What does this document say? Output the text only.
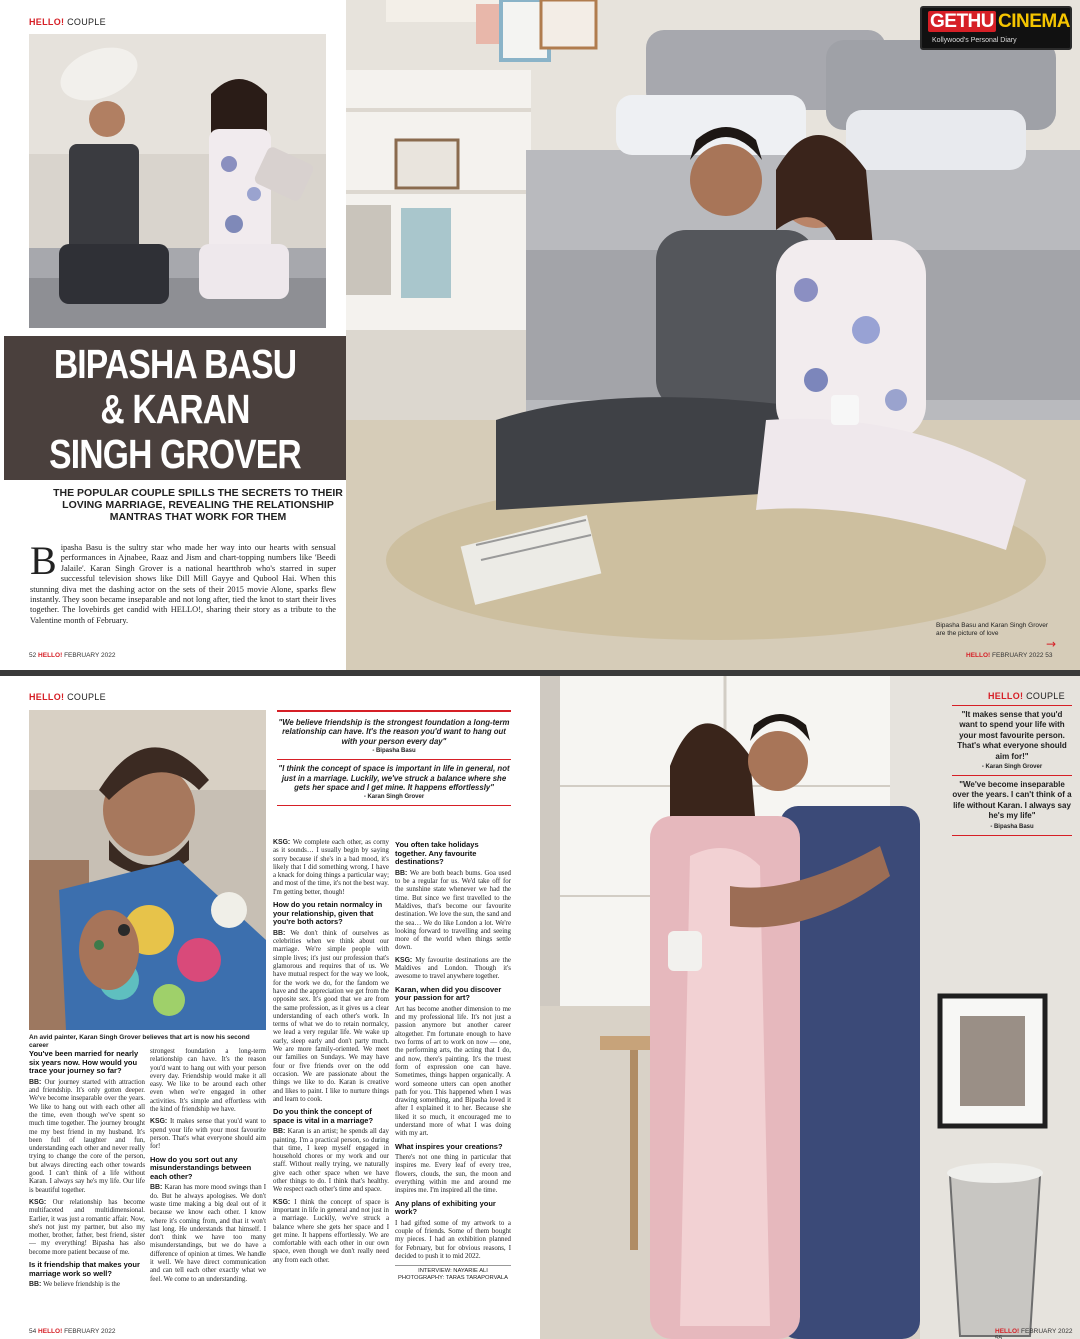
HELLO! COUPLE
BIPASHA BASU
& KARAN
SINGH GROVER
THE POPULAR COUPLE SPILLS THE SECRETS TO THEIR LOVING MARRIAGE, REVEALING THE RELATIONSHIP MANTRAS THAT WORK FOR THEM
Bipasha Basu is the sultry star who made her way into our hearts with sensual performances in Ajnabee, Raaz and Jism and chart-topping numbers like 'Beedi Jalaile'. Karan Singh Grover is a national heartthrob who's starred in super successful television shows like Dill Mill Gayye and Qubool Hai. When this stunning diva met the dashing actor on the sets of their 2015 movie Alone, sparks flew instantly. They soon became inseparable and not long after, tied the knot to start their lives together. The lovebirds get candid with HELLO!, sharing their story as a tribute to the Valentine month of February.
52 HELLO! FEBRUARY 2022
GETHU CINEMA
Kollywood's Personal Diary
Bipasha Basu and Karan Singh Grover are the picture of love
HELLO! FEBRUARY 2022 53
→
HELLO! COUPLE
An avid painter, Karan Singh Grover believes that art is now his second career
"We believe friendship is the strongest foundation a long-term relationship can have. It's the reason you'd want to hang out with your person every day"
- Bipasha Basu
"I think the concept of space is important in life in general, not just in a marriage. Luckily, we've struck a balance where she gets her space and I get mine. It happens effortlessly"
- Karan Singh Grover
You've been married for nearly six years now. How would you trace your journey so far?

BB: Our journey started with attraction and friendship. It's only gotten deeper. We've become inseparable over the years. We like to hang out with each other all the time, even though we've spent so much time together. The journey brought me my best friend in my husband. It's been full of laughter and fun, understanding each other and never really trying to change the core of the person, but always directing each other towards good. I can't think of a life without Karan. I always say he's my life. Our life is beautiful together.

KSG: Our relationship has become multifaceted and multidimensional. Earlier, it was just a romantic affair. Now, she's not just my partner, but also my mother, brother, father, best friend, sister — my everything! Bipasha has also become more patient because of me.

Is it friendship that makes your marriage work so well?

BB: We believe friendship is the

strongest foundation a long-term relationship can have. It's the reason you'd want to hang out with your person every day. Friendship would make it all easy. We like to be around each other even when we're engaged in other activities. It's simple and effortless with the kind of friendship we have.

KSG: It makes sense that you'd want to spend your life with your most favourite person. That's what everyone should aim for!

How do you sort out any misunderstandings between each other?

BB: Karan has more mood swings than I do. But he always apologises. We don't waste time making a big deal out of it because we know each other. I know where it's coming from, and that it won't last long. He understands that himself. I don't think we have too many misunderstandings, but we do have a difference of opinion at times. We handle it well. We have direct communication and can tell each other exactly what we feel. We come to an understanding.

KSG: We complete each other, as corny as it sounds… I usually begin by saying sorry because if she's in a bad mood, it's likely that I did something wrong. I have a knack for doing things a particular way; and most of the time, it's not the best way. I'm getting better, though!

How do you retain normalcy in your relationship, given that you're both actors?

BB: We don't think of ourselves as celebrities when we think about our marriage. We're simple people with simple lives; it's just our profession that's glamorous and requires that of us. We have mutual respect for the way we look, for the work we do, for the fandom we have and the appreciation we get from the opposite sex. It's good that we are from the same profession, as it gives us a clear understanding of each other's work. In terms of what we do to retain normalcy, we lead a very regular life. We wake up early, sleep early and don't party much. We are more family-oriented. We meet our families on Sundays. We may have four or five friends over on the odd occasion. We are passionate about the things we like to do. Karan is creative and likes to paint. I like to nurture things and learn to cook.

Do you think the concept of space is vital in a marriage?

BB: Karan is an artist; he spends all day painting. I'm a practical person, so during that time, I keep myself engaged in household chores or my work and our staff. Without really trying, we naturally give each other space when we have other things to do. I think that's healthy. We respect each other's time and space.

KSG: I think the concept of space is important in life in general and not just in a marriage. Luckily, we've struck a balance where she gets her space and I get mine. It happens effortlessly. We are comfortable with each other in our own space, even though we don't really need any from each other.

You often take holidays together. Any favourite destinations?

BB: We are both beach bums. Goa used to be a regular for us. We'd take off for the sunshine state whenever we had the time. But since we first travelled to the Maldives, that's become our favourite destination. We love the sun, the sand and the sea… We do like London a lot. We're looking forward to travelling and seeing more of the world when things settle down.

KSG: My favourite destinations are the Maldives and London. Though it's awesome to travel anywhere together.

Karan, when did you discover your passion for art?

Art has become another dimension to me and my professional life. It's not just a passion anymore but another career altogether. I'm fortunate enough to have two forms of art to work on now — one, the performing arts, the acting that I do, and now, there's painting. It's the truest form of expression one can have. Sometimes, things happen organically. A word someone utters can open another path for you. This happened when I was drawing something, and Bipasha loved it after I explained it to her. Because she liked it so much, it encouraged me to understand more of what I was doing with my art.

What inspires your creations?

There's not one thing in particular that inspires me. Every leaf of every tree, flowers, clouds, the sun, the moon and everything within me and around me inspires me. I'm inspired all the time.

Any plans of exhibiting your work?

I had gifted some of my artwork to a couple of friends. Some of them bought my pieces. I had an exhibition planned for February, but for obvious reasons, I decided to push it to mid 2022.

INTERVIEW: NAYARIE ALI
PHOTOGRAPHY: TARAS TARAPORVALA
54 HELLO! FEBRUARY 2022
HELLO! COUPLE
"It makes sense that you'd want to spend your life with your most favourite person. That's what everyone should aim for!"
- Karan Singh Grover
"We've become inseparable over the years. I can't think of a life without Karan. I always say he's my life"
- Bipasha Basu
HELLO! FEBRUARY 2022 55
